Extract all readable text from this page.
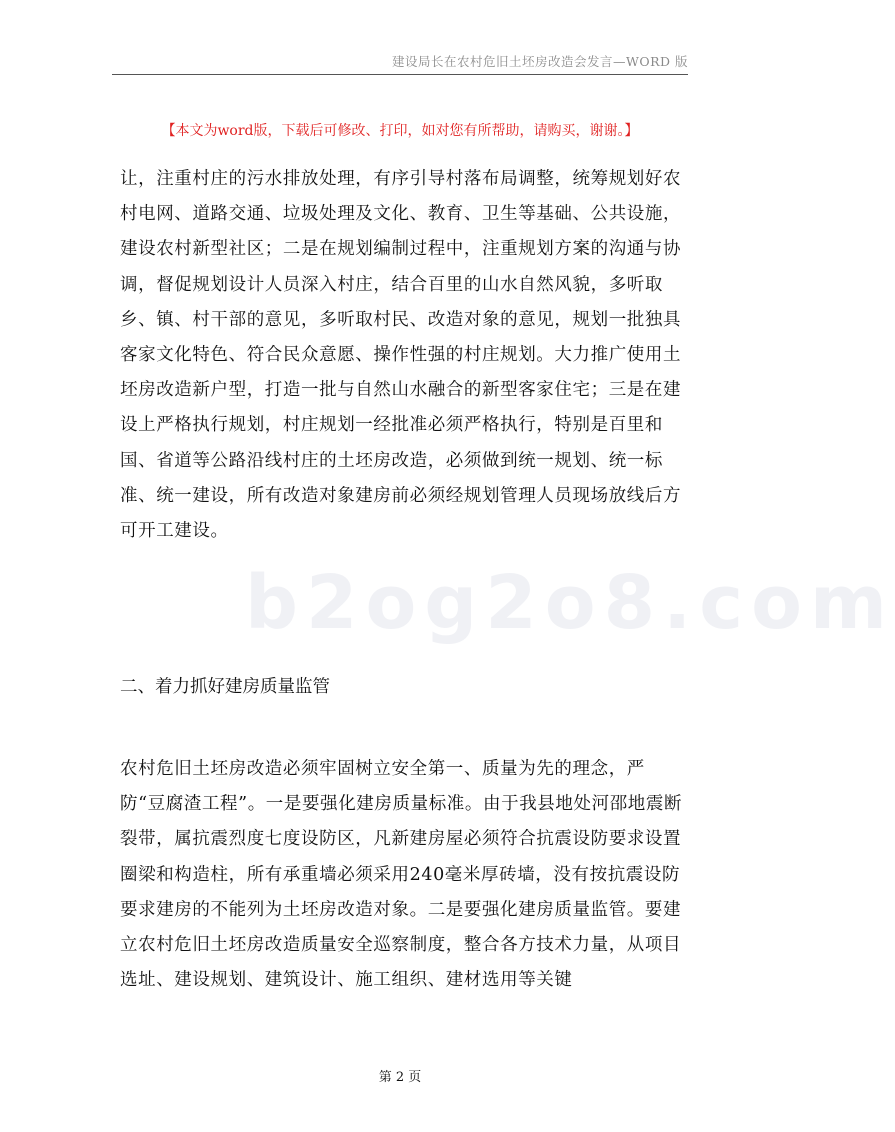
建设局长在农村危旧土坯房改造会发言—WORD 版
【本文为word版，下载后可修改、打印，如对您有所帮助，请购买，谢谢。】
b2og2o8.com

让，注重村庄的污水排放处理，有序引导村落布局调整，统筹规划好农村电网、道路交通、垃圾处理及文化、教育、卫生等基础、公共设施，建设农村新型社区；二是在规划编制过程中，注重规划方案的沟通与协调，督促规划设计人员深入村庄，结合百里的山水自然风貌，多听取乡、镇、村干部的意见，多听取村民、改造对象的意见，规划一批独具客家文化特色、符合民众意愿、操作性强的村庄规划。大力推广使用土坯房改造新户型，打造一批与自然山水融合的新型客家住宅；三是在建设上严格执行规划，村庄规划一经批准必须严格执行，特别是百里和国、省道等公路沿线村庄的土坯房改造，必须做到统一规划、统一标准、统一建设，所有改造对象建房前必须经规划管理人员现场放线后方可开工建设。

二、着力抓好建房质量监管

农村危旧土坯房改造必须牢固树立安全第一、质量为先的理念，严防“豆腐渣工程”。一是要强化建房质量标准。由于我县地处河邵地震断裂带，属抗震烈度七度设防区，凡新建房屋必须符合抗震设防要求设置圈梁和构造柱，所有承重墙必须采用240毫米厚砖墙，没有按抗震设防要求建房的不能列为土坯房改造对象。二是要强化建房质量监管。要建立农村危旧土坯房改造质量安全巡察制度，整合各方技术力量，从项目选址、建设规划、建筑设计、施工组织、建材选用等关键

第 2 页
